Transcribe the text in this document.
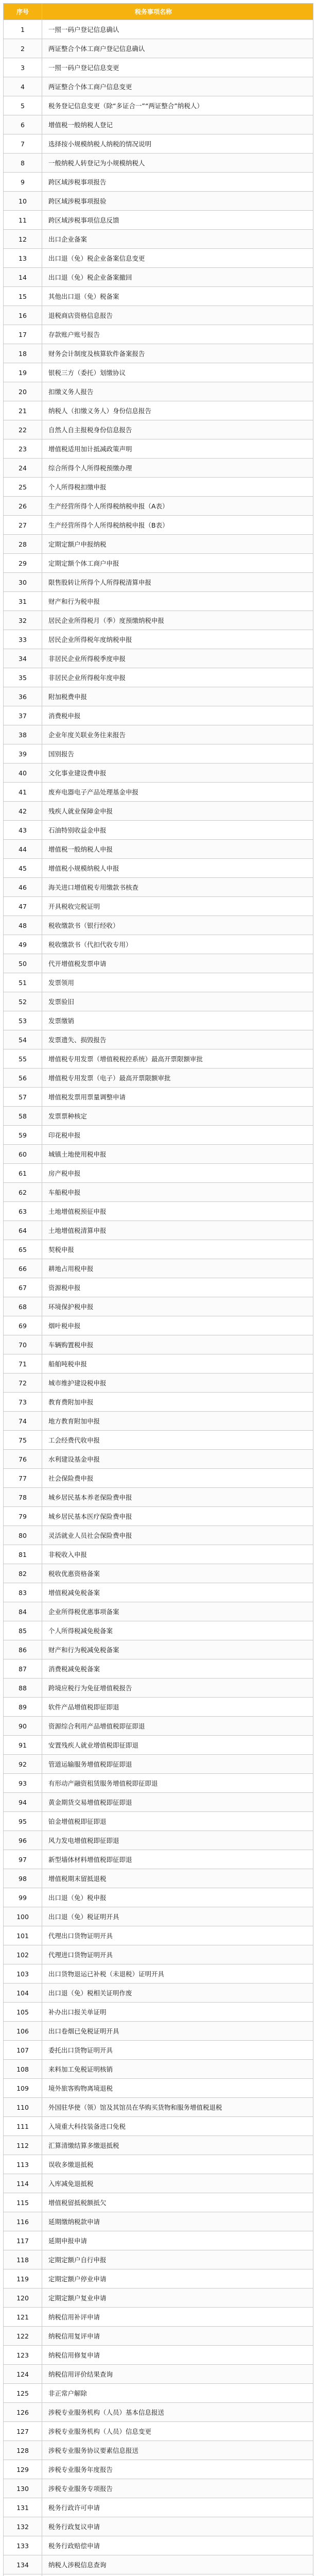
序号	税务事项名称
1	一照一码户登记信息确认
2	两证整合个体工商户登记信息确认
3	一照一码户登记信息变更
4	两证整合个体工商户信息变更
5	税务登记信息变更（除“多证合一”“两证整合”纳税人）
6	增值税一般纳税人登记
7	选择按小规模纳税人纳税的情况说明
8	一般纳税人转登记为小规模纳税人
9	跨区域涉税事项报告
10	跨区域涉税事项报验
11	跨区域涉税事项信息反馈
12	出口企业备案
13	出口退（免）税企业备案信息变更
14	出口退（免）税企业备案撤回
15	其他出口退（免）税备案
16	退税商店资格信息报告
17	存款账户账号报告
18	财务会计制度及核算软件备案报告
19	银税三方（委托）划缴协议
20	扣缴义务人报告
21	纳税人（扣缴义务人）身份信息报告
22	自然人自主报税身份信息报告
23	增值税适用加计抵减政策声明
24	综合所得个人所得税预缴办理
25	个人所得税扣缴申报
26	生产经营所得个人所得税纳税申报（A表）
27	生产经营所得个人所得税纳税申报（B表）
28	定期定额户申报纳税
29	定期定额个体工商户申报
30	限售股转让所得个人所得税清算申报
31	财产和行为税申报
32	居民企业所得税月（季）度预缴纳税申报
33	居民企业所得税年度纳税申报
34	非居民企业所得税季度申报
35	非居民企业所得税年度申报
36	附加税费申报
37	消费税申报
38	企业年度关联业务往来报告
39	国别报告
40	文化事业建设费申报
41	废弃电器电子产品处理基金申报
42	残疾人就业保障金申报
43	石油特别收益金申报
44	增值税一般纳税人申报
45	增值税小规模纳税人申报
46	海关进口增值税专用缴款书核查
47	开具税收完税证明
48	税收缴款书（银行经收）
49	税收缴款书（代扣代收专用）
50	代开增值税发票申请
51	发票领用
52	发票验旧
53	发票缴销
54	发票遗失、损毁报告
55	增值税专用发票（增值税税控系统）最高开票限额审批
56	增值税专用发票（电子）最高开票限额审批
57	增值税发票用票量调整申请
58	发票票种核定
59	印花税申报
60	城镇土地使用税申报
61	房产税申报
62	车船税申报
63	土地增值税预征申报
64	土地增值税清算申报
65	契税申报
66	耕地占用税申报
67	资源税申报
68	环境保护税申报
69	烟叶税申报
70	车辆购置税申报
71	船舶吨税申报
72	城市维护建设税申报
73	教育费附加申报
74	地方教育附加申报
75	工会经费代收申报
76	水利建设基金申报
77	社会保险费申报
78	城乡居民基本养老保险费申报
79	城乡居民基本医疗保险费申报
80	灵活就业人员社会保险费申报
81	非税收入申报
82	税收优惠资格备案
83	增值税减免税备案
84	企业所得税优惠事项备案
85	个人所得税减免税备案
86	财产和行为税减免税备案
87	消费税减免税备案
88	跨境应税行为免征增值税报告
89	软件产品增值税即征即退
90	资源综合利用产品增值税即征即退
91	安置残疾人就业增值税即征即退
92	管道运输服务增值税即征即退
93	有形动产融资租赁服务增值税即征即退
94	黄金期货交易增值税即征即退
95	铂金增值税即征即退
96	风力发电增值税即征即退
97	新型墙体材料增值税即征即退
98	增值税期末留抵退税
99	出口退（免）税申报
100	出口退（免）税证明开具
101	代理出口货物证明开具
102	代理进口货物证明开具
103	出口货物退运已补税（未退税）证明开具
104	出口退（免）税相关证明作废
105	补办出口报关单证明
106	出口卷烟已免税证明开具
107	委托出口货物证明开具
108	来料加工免税证明核销
109	境外旅客购物离境退税
110	外国驻华使（领）馆及其馆员在华购买货物和服务增值税退税
111	入境重大科技装备进口免税
112	汇算清缴结算多缴退抵税
113	误收多缴退抵税
114	入库减免退抵税
115	增值税留抵税额抵欠
116	延期缴纳税款申请
117	延期申报申请
118	定期定额户自行申报
119	定期定额户停业申请
120	定期定额户复业申请
121	纳税信用补评申请
122	纳税信用复评申请
123	纳税信用修复申请
124	纳税信用评价结果查询
125	非正常户解除
126	涉税专业服务机构（人员）基本信息报送
127	涉税专业服务机构（人员）信息变更
128	涉税专业服务协议要素信息报送
129	涉税专业服务年度报告
130	涉税专业服务专项报告
131	税务行政许可申请
132	税务行政复议申请
133	税务行政赔偿申请
134	纳税人涉税信息查询
